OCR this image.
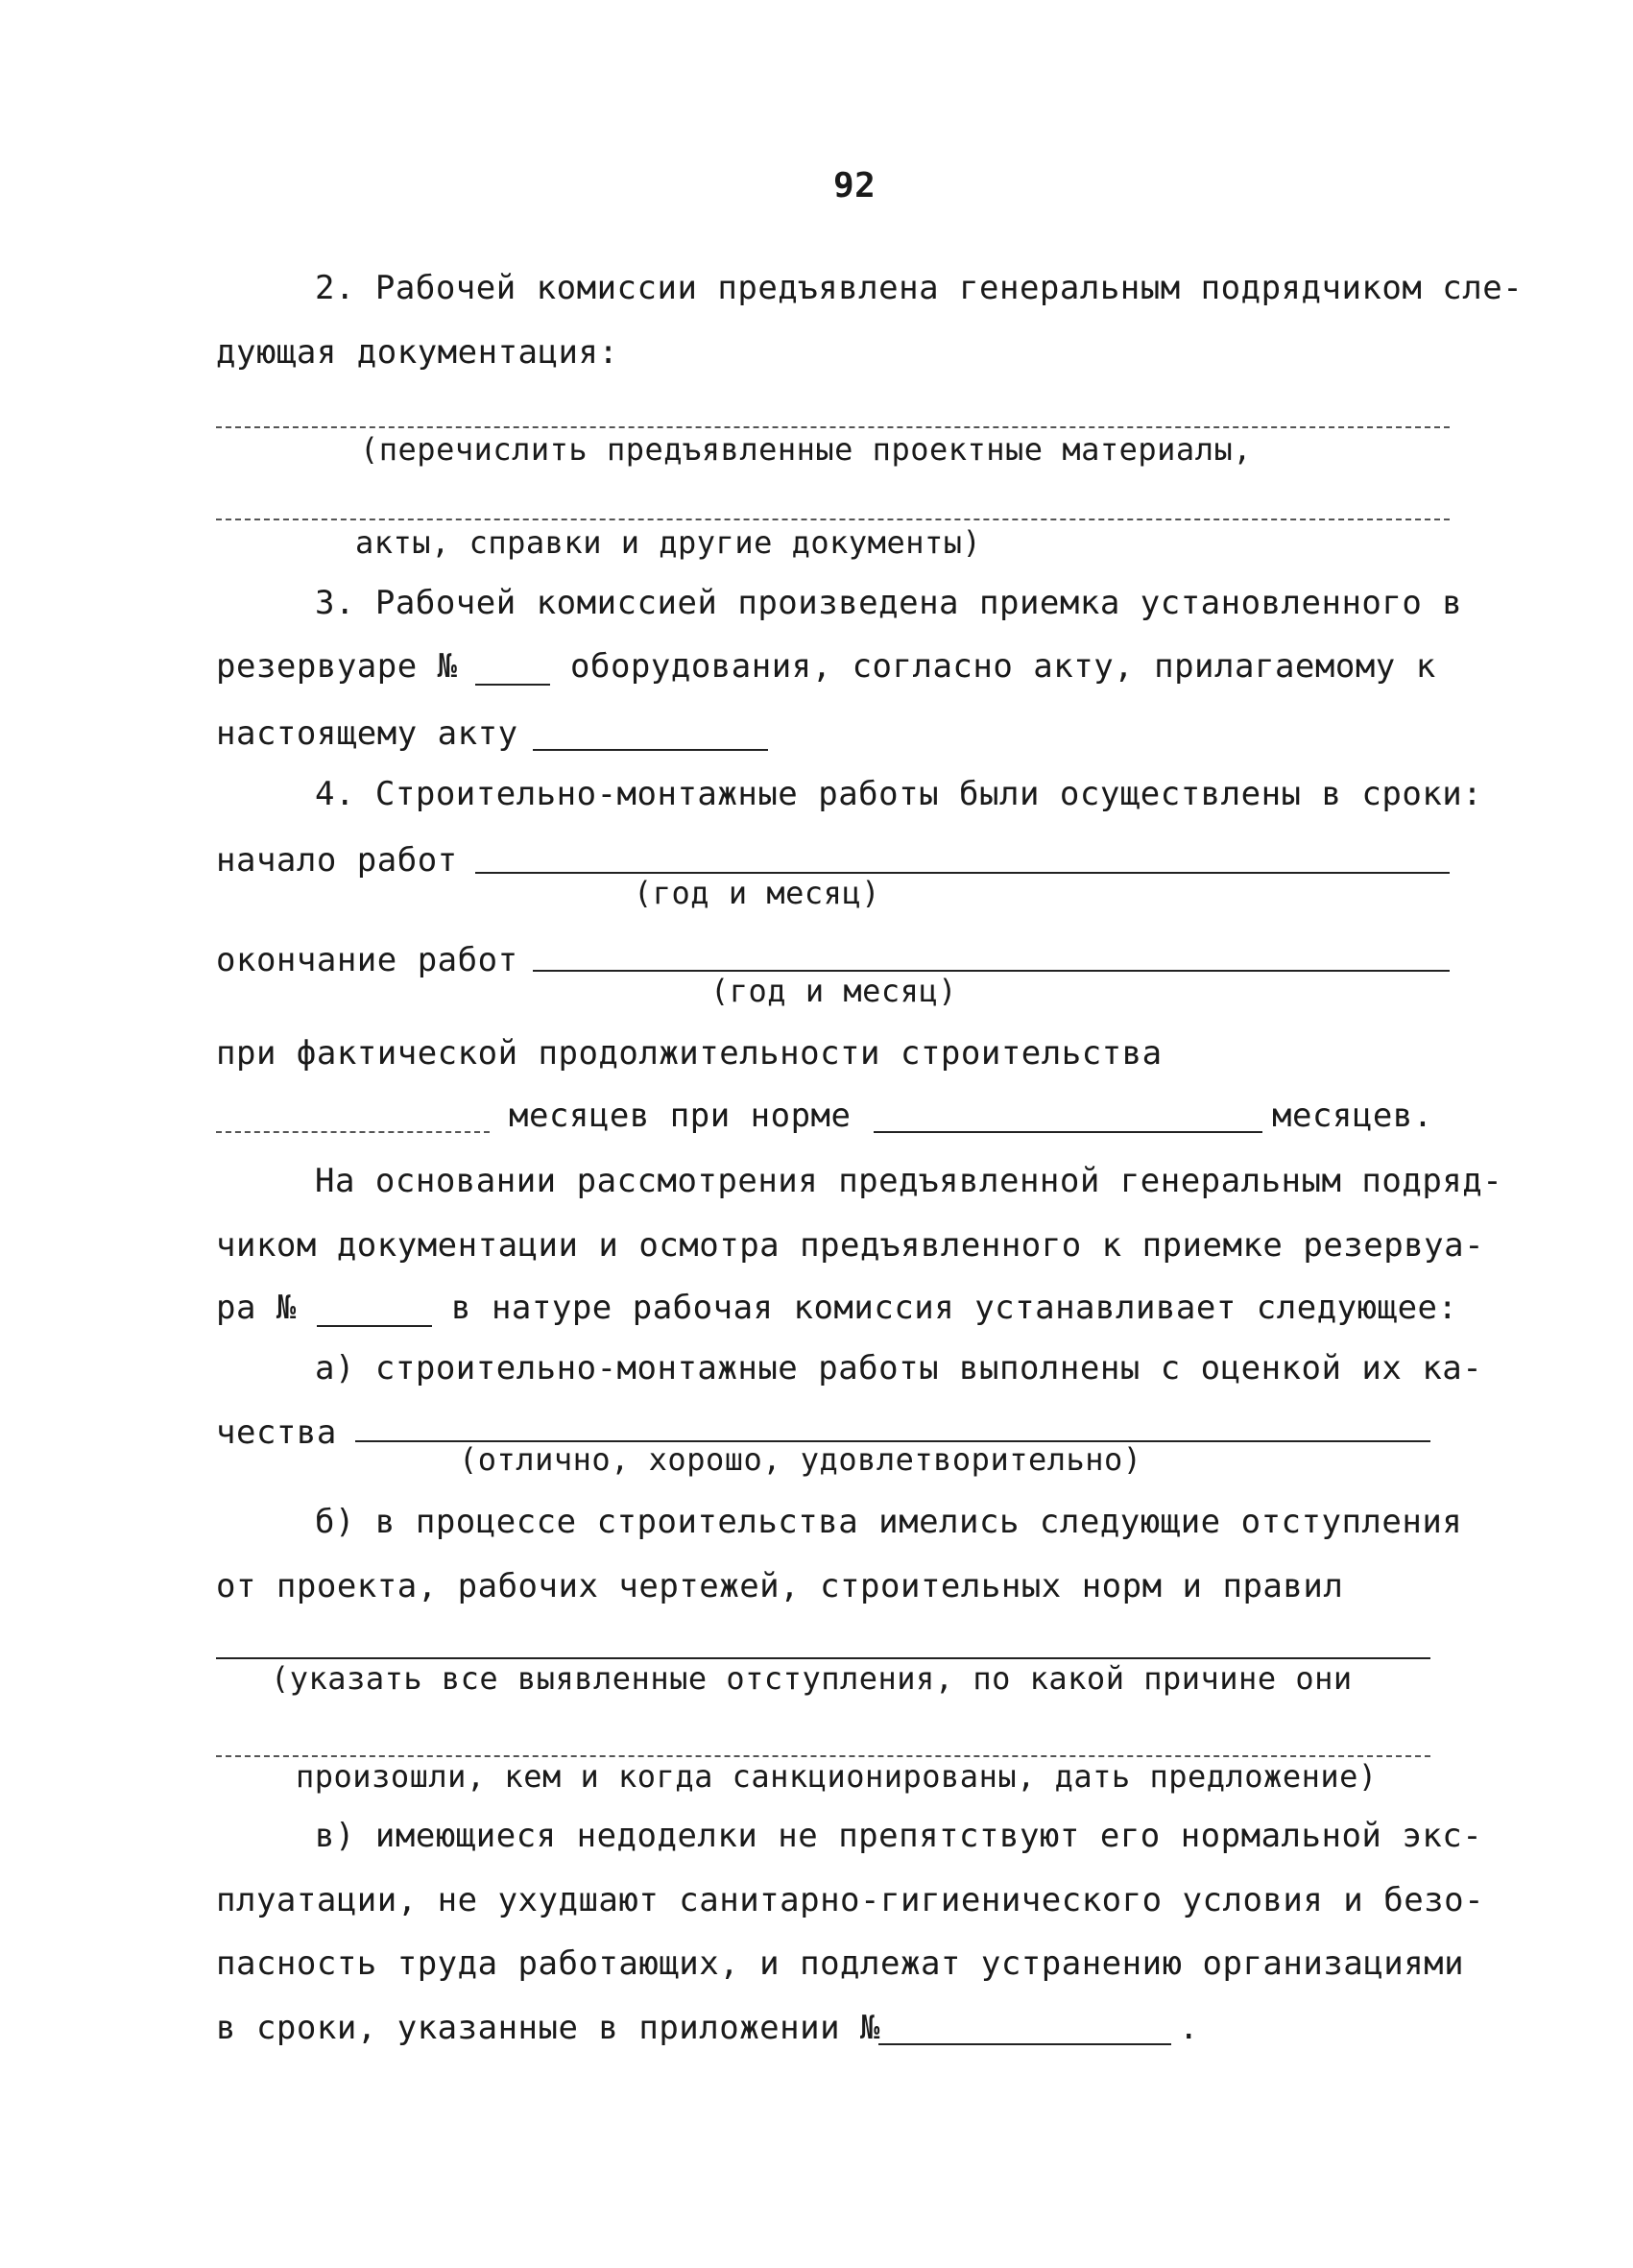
92
2. Рабочей комиссии предъявлена генеральным подрядчиком сле-
дующая документация:
(перечислить предъявленные проектные материалы,
акты, справки и другие документы)
3. Рабочей комиссией произведена приемка установленного в
резервуаре №	оборудования, согласно акту, прилагаемому к
настоящему акту
4. Строительно-монтажные работы были осуществлены в сроки:
начало работ
(год и месяц)
окончание работ
(год и месяц)
при фактической продолжительности строительства
месяцев при норме	месяцев.
На основании рассмотрения предъявленной генеральным подряд-
чиком документации и осмотра предъявленного к приемке резервуа-
ра №	в натуре рабочая комиссия устанавливает следующее:
а) строительно-монтажные работы выполнены с оценкой их ка-
чества
(отлично, хорошо, удовлетворительно)
б) в процессе строительства имелись следующие отступления
от проекта, рабочих чертежей, строительных норм и правил
(указать все выявленные отступления, по какой причине они
произошли, кем и когда санкционированы, дать предложение)
в) имеющиеся недоделки не препятствуют его нормальной экс-
плуатации, не ухудшают санитарно-гигиенического условия и безо-
пасность труда работающих, и подлежат устранению организациями
в сроки, указанные в приложении №	.
